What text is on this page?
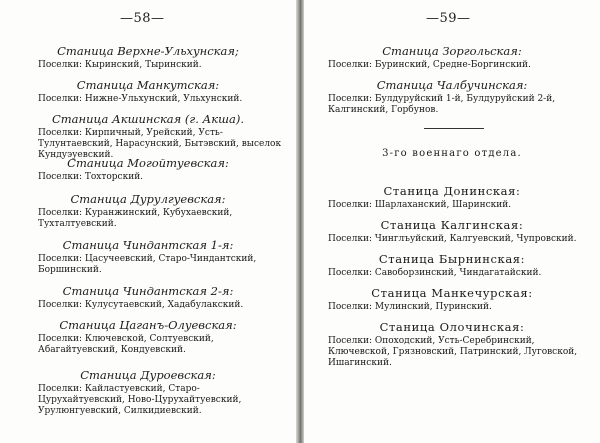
—58—
Станица Верхне-Ульхунская;
Поселки: Кыринский, Тыринский.
Станица Манкутская:
Поселки: Нижне-Ульхунский, Ульхунский.
Станица Акшинская (г. Акша).
Поселки: Кирпичный, Урейский, Усть-Тулунтаевский, Нарасунский, Бытэвский, выселок Кундуэуевский.
Станица Могойтуевская:
Поселки: Тохторский.
Станица Дурулгуевская:
Поселки: Куранжинский, Кубухаевский, Тухталтуевский.
Станица Чиндантская 1-я:
Поселки: Цасучеевский, Старо-Чиндантский, Боршинский.
Станица Чиндантская 2-я:
Поселки: Кулусутаевский, Хадабулакский.
Станица Цаганъ-Олуевская:
Поселки: Ключевской, Солтуевский, Абагайтуевский, Кондуевский.
Станица Дуроевская:
Поселки: Кайластуевский, Старо-Цурухайтуевский, Ново-Цурухайтуевский, Урулюнгуевский, Силкидиевский.
—59—
Станица Зоргольская:
Поселки: Буринский, Средне-Боргинский.
Станица Чалбучинская:
Поселки: Булдуруйский 1-й, Булдуруйский 2-й, Калгинский, Горбунов.
3-го военнаго отдела.
Станица Донинская:
Поселки: Шарлаханский, Шаринский.
Станица Калгинская:
Поселки: Чинглъуйский, Калгуевский, Чупровский.
Станица Бырнинская:
Поселки: Савоборзинский, Чиндагатайский.
Станица Манкечурская:
Поселки: Мулинский, Пуринский.
Станица Олочинская:
Поселки: Опоходский, Усть-Серебринский, Ключевской, Грязновский, Патринский, Луговской, Ишагинский.
